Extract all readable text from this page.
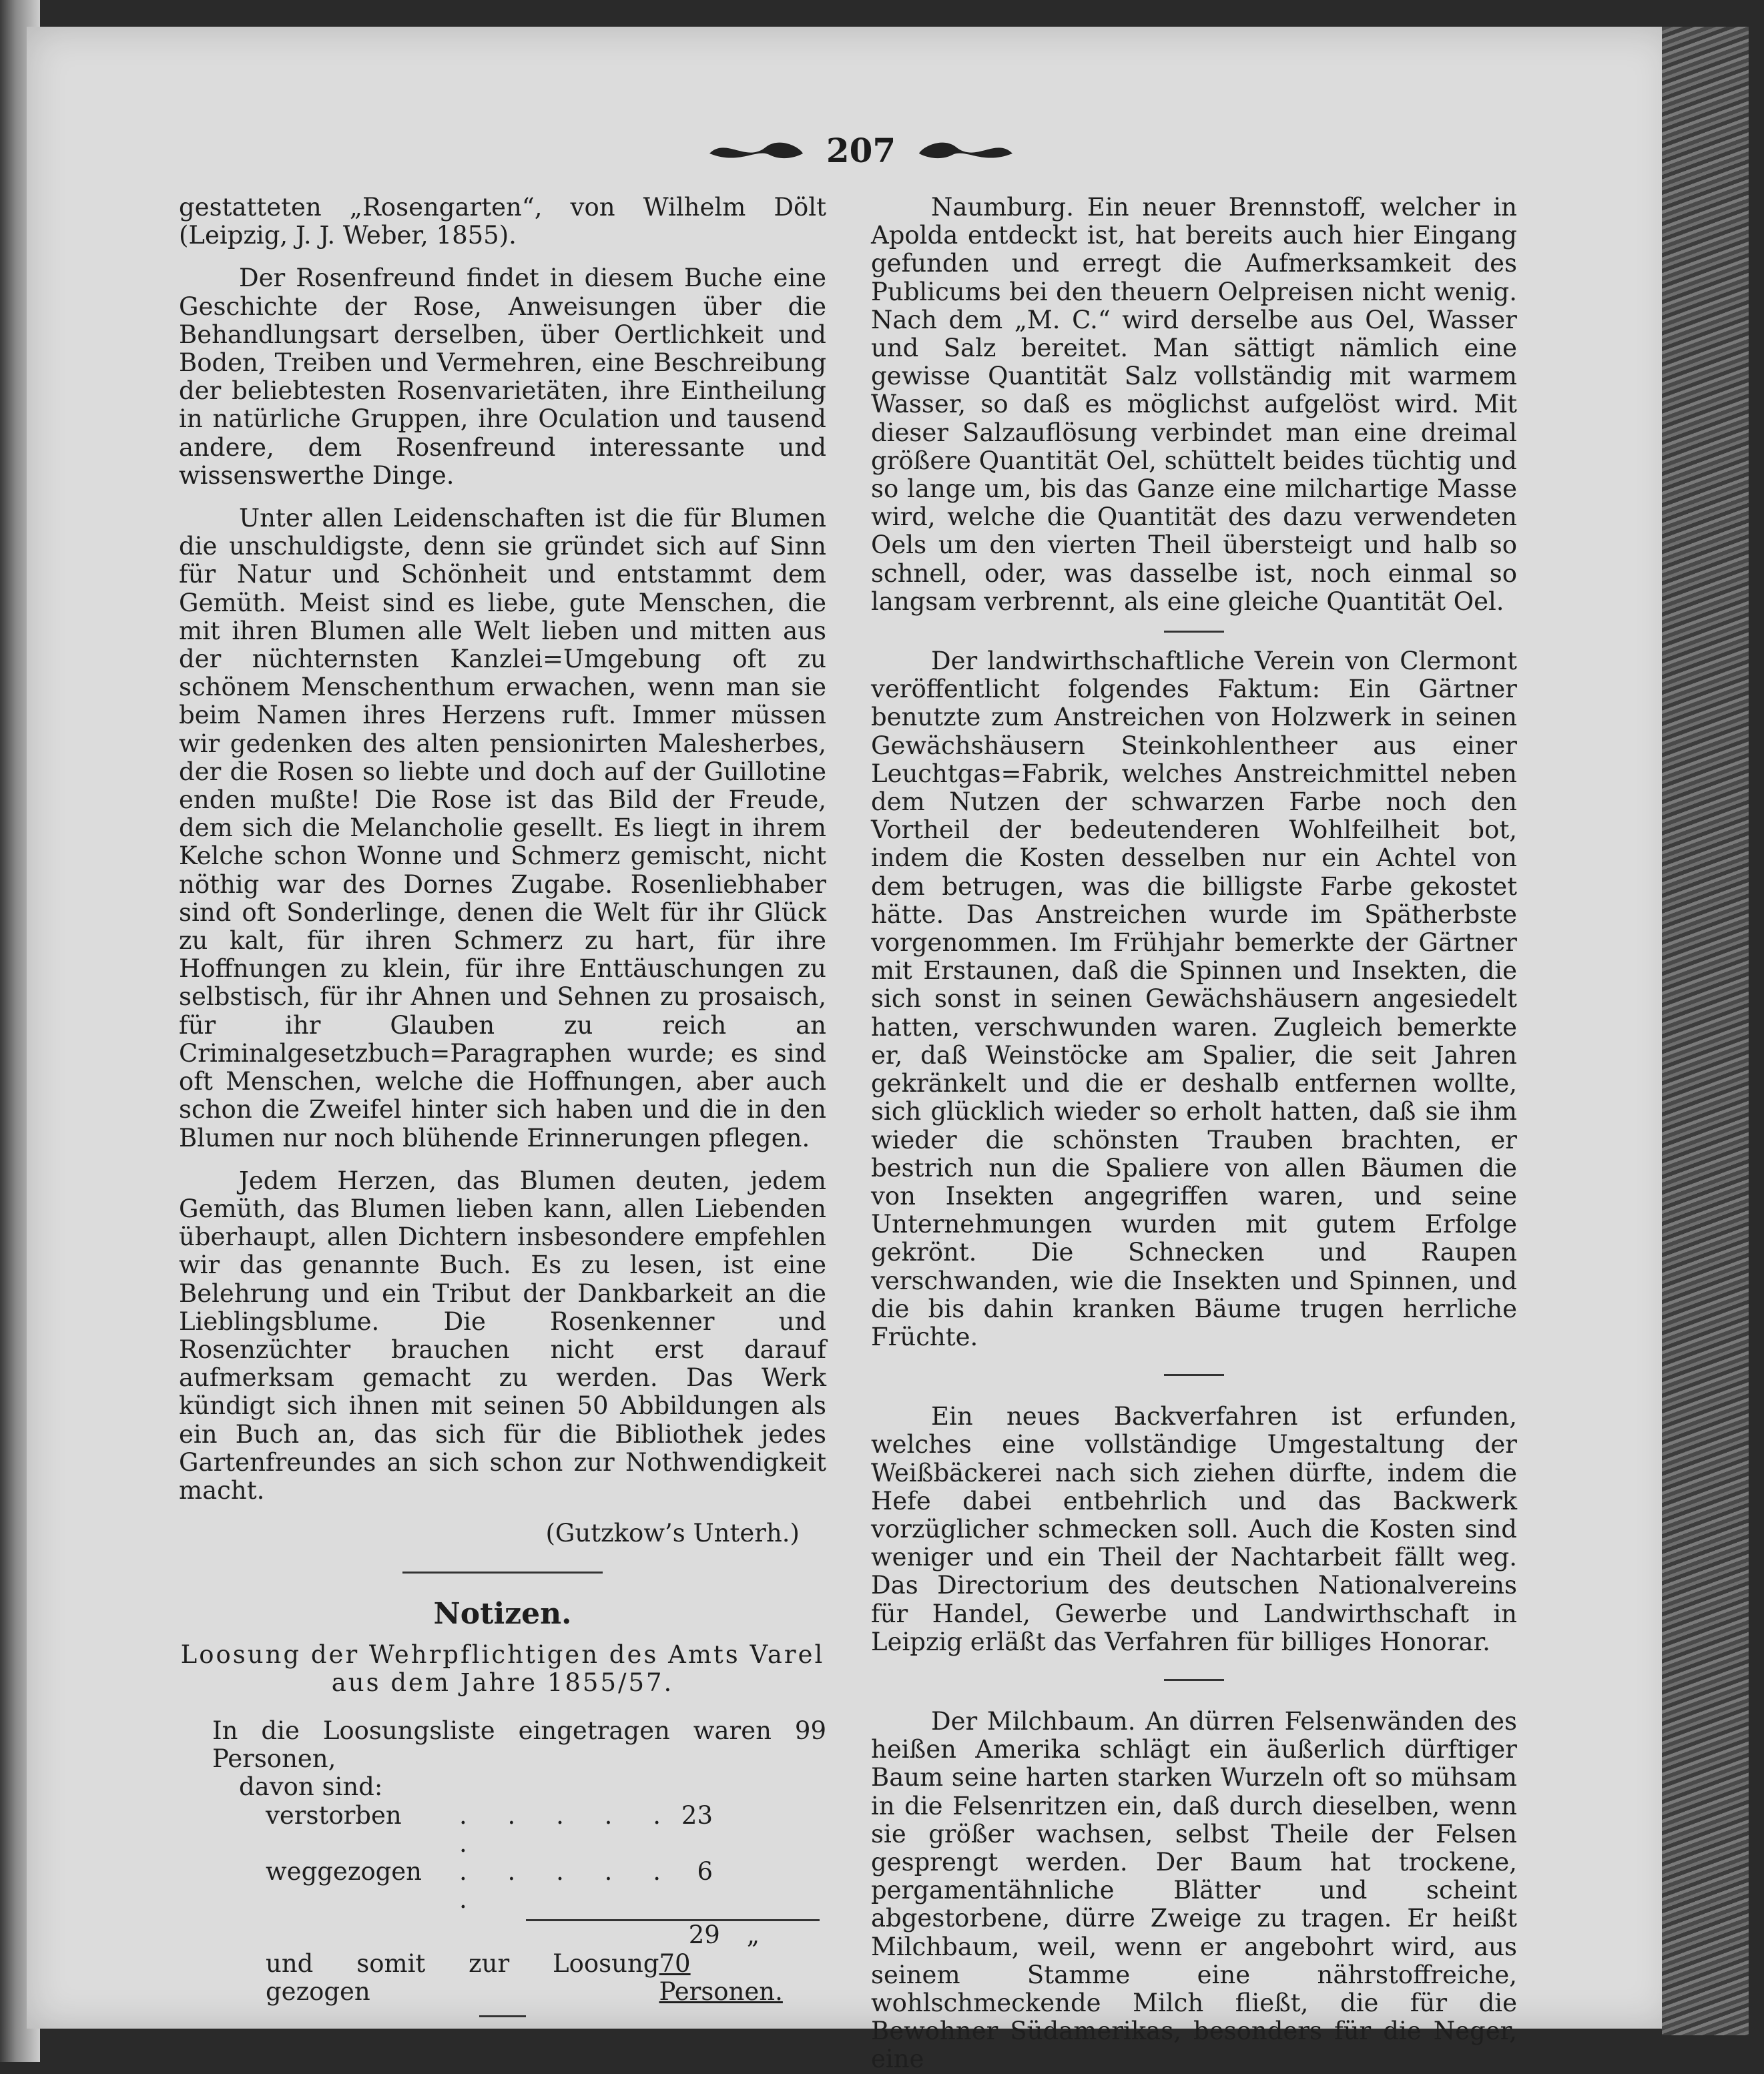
207

gestatteten „Rosengarten“, von Wilhelm Dölt (Leipzig, J. J. Weber, 1855).

Der Rosenfreund findet in diesem Buche eine Geschichte der Rose, Anweisungen über die Behandlungsart derselben, über Oertlichkeit und Boden, Treiben und Vermehren, eine Beschreibung der beliebtesten Rosenvarietäten, ihre Eintheilung in natürliche Gruppen, ihre Oculation und tausend andere, dem Rosenfreund interessante und wissenswerthe Dinge.

Unter allen Leidenschaften ist die für Blumen die unschuldigste, denn sie gründet sich auf Sinn für Natur und Schönheit und entstammt dem Gemüth. Meist sind es liebe, gute Menschen, die mit ihren Blumen alle Welt lieben und mitten aus der nüchternsten Kanzlei=Umgebung oft zu schönem Menschenthum erwachen, wenn man sie beim Namen ihres Herzens ruft. Immer müssen wir gedenken des alten pensionirten Malesherbes, der die Rosen so liebte und doch auf der Guillotine enden mußte! Die Rose ist das Bild der Freude, dem sich die Melancholie gesellt. Es liegt in ihrem Kelche schon Wonne und Schmerz gemischt, nicht nöthig war des Dornes Zugabe. Rosenliebhaber sind oft Sonderlinge, denen die Welt für ihr Glück zu kalt, für ihren Schmerz zu hart, für ihre Hoffnungen zu klein, für ihre Enttäuschungen zu selbstisch, für ihr Ahnen und Sehnen zu prosaisch, für ihr Glauben zu reich an Criminalgesetzbuch=Paragraphen wurde; es sind oft Menschen, welche die Hoffnungen, aber auch schon die Zweifel hinter sich haben und die in den Blumen nur noch blühende Erinnerungen pflegen.

Jedem Herzen, das Blumen deuten, jedem Gemüth, das Blumen lieben kann, allen Liebenden überhaupt, allen Dichtern insbesondere empfehlen wir das genannte Buch. Es zu lesen, ist eine Belehrung und ein Tribut der Dankbarkeit an die Lieblingsblume. Die Rosenkenner und Rosenzüchter brauchen nicht erst darauf aufmerksam gemacht zu werden. Das Werk kündigt sich ihnen mit seinen 50 Abbildungen als ein Buch an, das sich für die Bibliothek jedes Gartenfreundes an sich schon zur Nothwendigkeit macht.

(Gutzkow’s Unterh.)

Notizen.

Loosung der Wehrpflichtigen des Amts Varel

aus dem Jahre 1855/57.

In die Loosungsliste eingetragen waren 99 Personen,

davon sind:

verstorben	. . . . . .
23
weggezogen	. . . . . .
6
29 „
und somit zur Loosung gezogen
70 Personen.

Naumburg. Ein neuer Brennstoff, welcher in Apolda entdeckt ist, hat bereits auch hier Eingang gefunden und erregt die Aufmerksamkeit des Publicums bei den theuern Oelpreisen nicht wenig. Nach dem „M. C.“ wird derselbe aus Oel, Wasser und Salz bereitet. Man sättigt nämlich eine gewisse Quantität Salz vollständig mit warmem Wasser, so daß es möglichst aufgelöst wird. Mit dieser Salzauflösung verbindet man eine dreimal größere Quantität Oel, schüttelt beides tüchtig und so lange um, bis das Ganze eine milchartige Masse wird, welche die Quantität des dazu verwendeten Oels um den vierten Theil übersteigt und halb so schnell, oder, was dasselbe ist, noch einmal so langsam verbrennt, als eine gleiche Quantität Oel.

Der landwirthschaftliche Verein von Clermont veröffentlicht folgendes Faktum: Ein Gärtner benutzte zum Anstreichen von Holzwerk in seinen Gewächshäusern Steinkohlentheer aus einer Leuchtgas=Fabrik, welches Anstreichmittel neben dem Nutzen der schwarzen Farbe noch den Vortheil der bedeutenderen Wohlfeilheit bot, indem die Kosten desselben nur ein Achtel von dem betrugen, was die billigste Farbe gekostet hätte. Das Anstreichen wurde im Spätherbste vorgenommen. Im Frühjahr bemerkte der Gärtner mit Erstaunen, daß die Spinnen und Insekten, die sich sonst in seinen Gewächshäusern angesiedelt hatten, verschwunden waren. Zugleich bemerkte er, daß Weinstöcke am Spalier, die seit Jahren gekränkelt und die er deshalb entfernen wollte, sich glücklich wieder so erholt hatten, daß sie ihm wieder die schönsten Trauben brachten, er bestrich nun die Spaliere von allen Bäumen die von Insekten angegriffen waren, und seine Unternehmungen wurden mit gutem Erfolge gekrönt. Die Schnecken und Raupen verschwanden, wie die Insekten und Spinnen, und die bis dahin kranken Bäume trugen herrliche Früchte.

Ein neues Backverfahren ist erfunden, welches eine vollständige Umgestaltung der Weißbäckerei nach sich ziehen dürfte, indem die Hefe dabei entbehrlich und das Backwerk vorzüglicher schmecken soll. Auch die Kosten sind weniger und ein Theil der Nachtarbeit fällt weg. Das Directorium des deutschen Nationalvereins für Handel, Gewerbe und Landwirthschaft in Leipzig erläßt das Verfahren für billiges Honorar.

Der Milchbaum. An dürren Felsenwänden des heißen Amerika schlägt ein äußerlich dürftiger Baum seine harten starken Wurzeln oft so mühsam in die Felsenritzen ein, daß durch dieselben, wenn sie größer wachsen, selbst Theile der Felsen gesprengt werden. Der Baum hat trockene, pergamentähnliche Blätter und scheint abgestorbene, dürre Zweige zu tragen. Er heißt Milchbaum, weil, wenn er angebohrt wird, aus seinem Stamme eine nährstoffreiche, wohlschmeckende Milch fließt, die für die Bewohner Südamerikas, besonders für die Neger, eine
